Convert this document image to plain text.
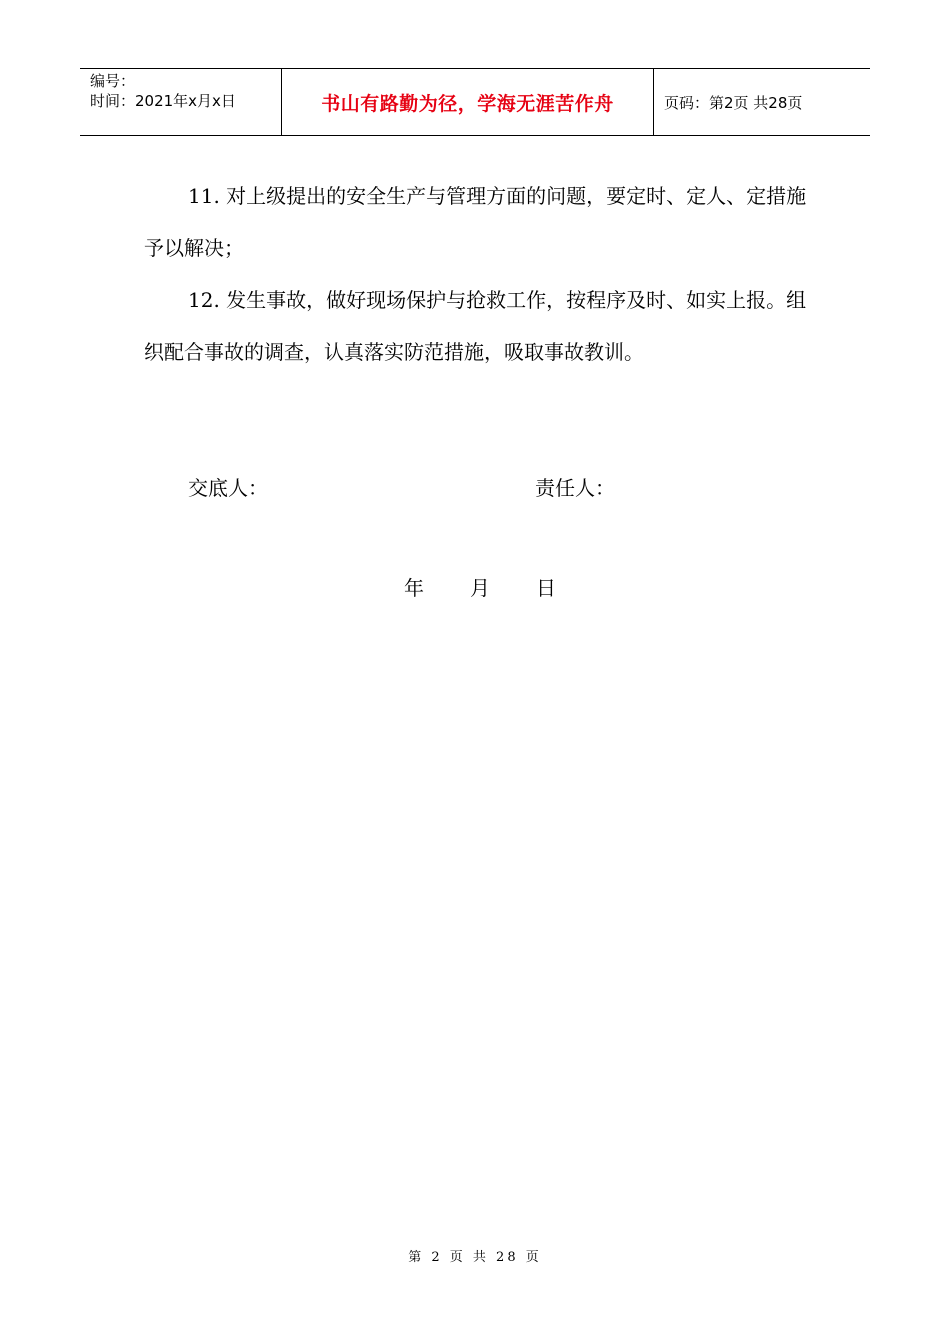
编号：
时间：2021年x月x日	书山有路勤为径，学海无涯苦作舟	页码：第2页 共28页

11. 对上级提出的安全生产与管理方面的问题，要定时、定人、定措施予以解决；

12. 发生事故，做好现场保护与抢救工作，按程序及时、如实上报。组织配合事故的调查，认真落实防范措施，吸取事故教训。

交底人：	责任人：
年 月 日
第 2 页 共 28 页
